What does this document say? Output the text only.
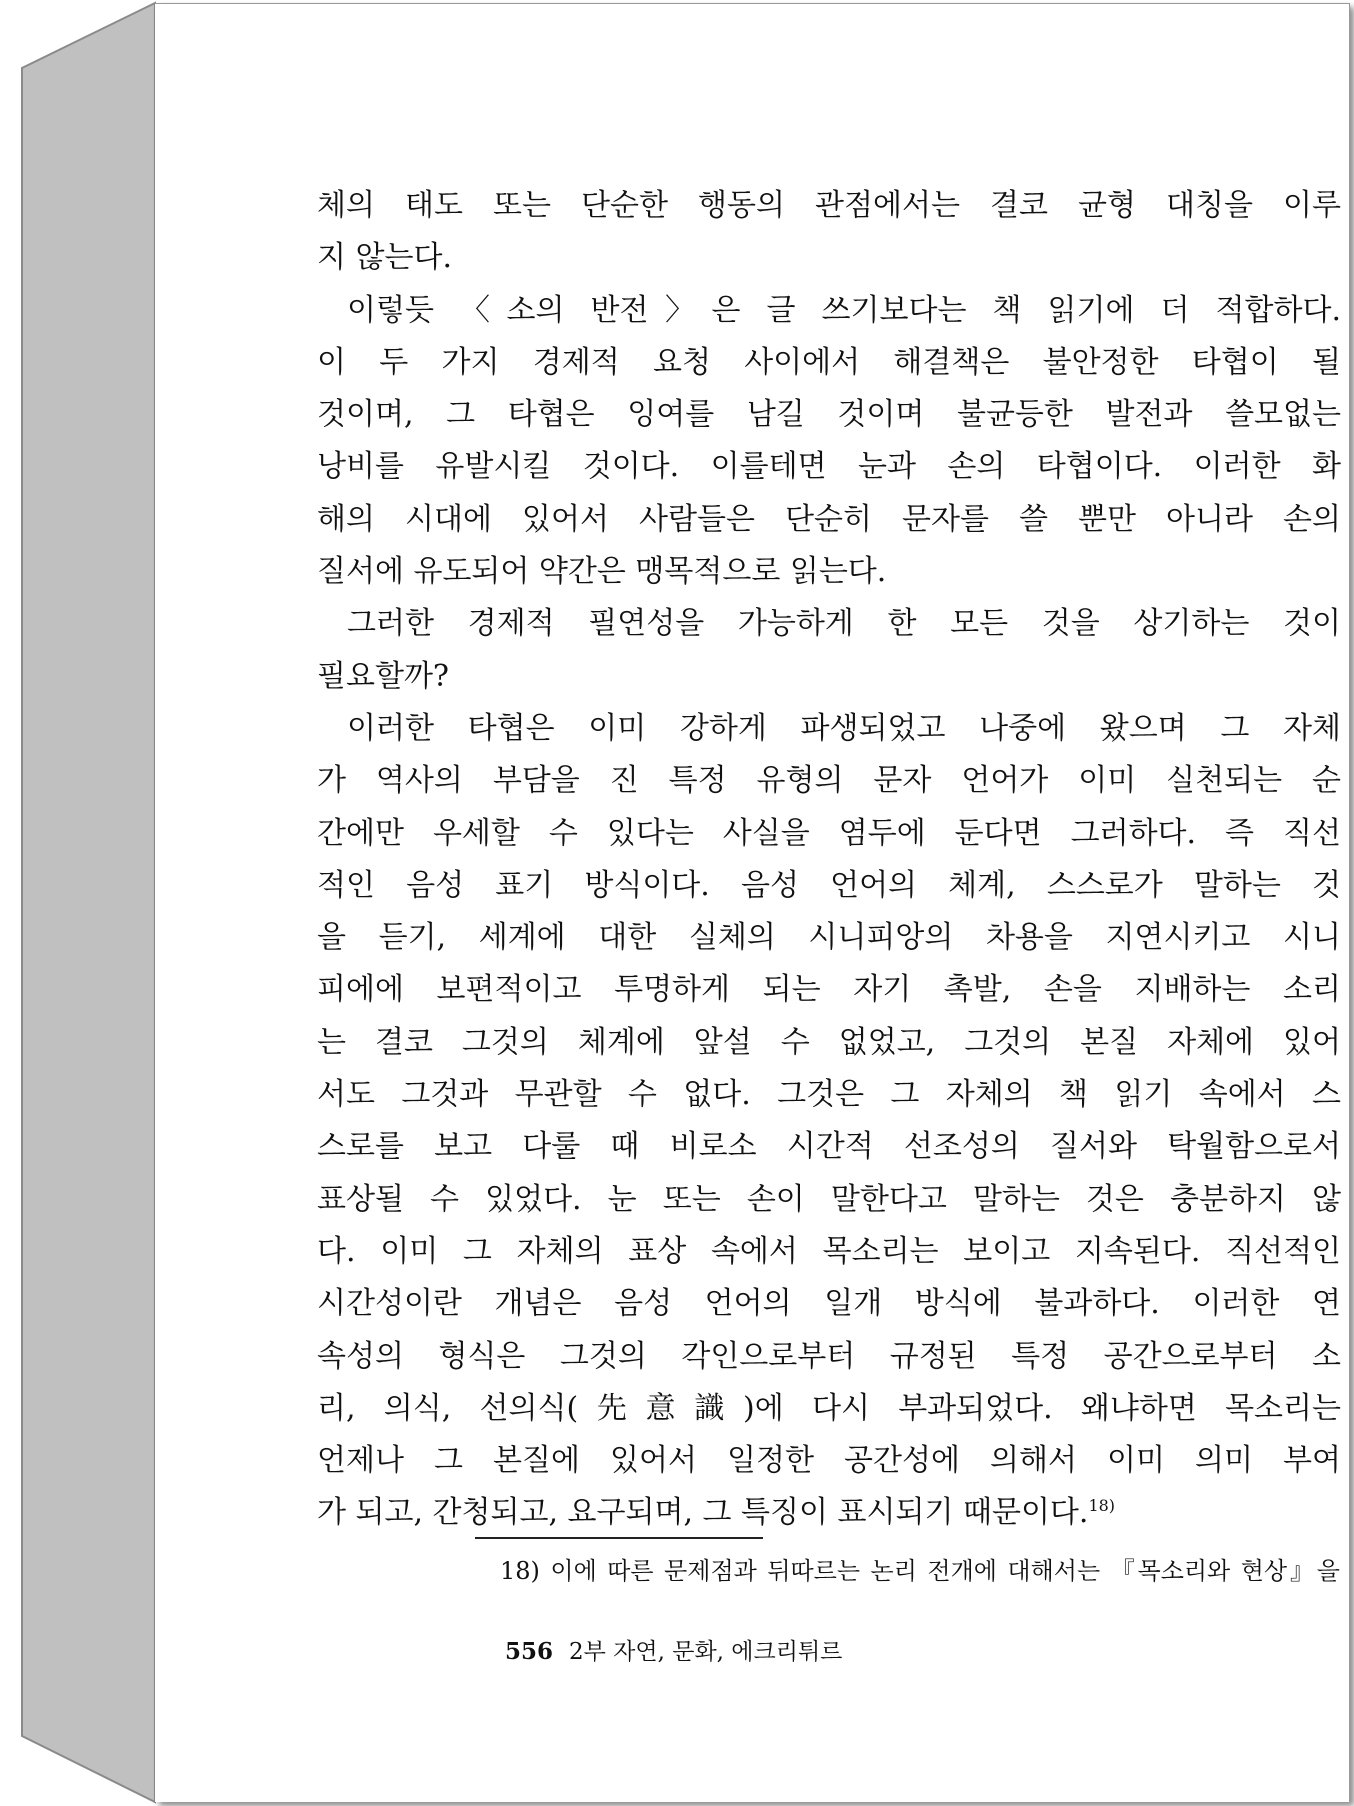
체의 태도 또는 단순한 행동의 관점에서는 결코 균형 대칭을 이루
지 않는다.
이렇듯 〈소의 반전〉은 글 쓰기보다는 책 읽기에 더 적합하다.
이 두 가지 경제적 요청 사이에서 해결책은 불안정한 타협이 될
것이며, 그 타협은 잉여를 남길 것이며 불균등한 발전과 쓸모없는
낭비를 유발시킬 것이다. 이를테면 눈과 손의 타협이다. 이러한 화
해의 시대에 있어서 사람들은 단순히 문자를 쓸 뿐만 아니라 손의
질서에 유도되어 약간은 맹목적으로 읽는다.
그러한 경제적 필연성을 가능하게 한 모든 것을 상기하는 것이
필요할까?
이러한 타협은 이미 강하게 파생되었고 나중에 왔으며 그 자체
가 역사의 부담을 진 특정 유형의 문자 언어가 이미 실천되는 순
간에만 우세할 수 있다는 사실을 염두에 둔다면 그러하다. 즉 직선
적인 음성 표기 방식이다. 음성 언어의 체계, 스스로가 말하는 것
을 듣기, 세계에 대한 실체의 시니피앙의 차용을 지연시키고 시니
피에에 보편적이고 투명하게 되는 자기 촉발, 손을 지배하는 소리
는 결코 그것의 체계에 앞설 수 없었고, 그것의 본질 자체에 있어
서도 그것과 무관할 수 없다. 그것은 그 자체의 책 읽기 속에서 스
스로를 보고 다룰 때 비로소 시간적 선조성의 질서와 탁월함으로서
표상될 수 있었다. 눈 또는 손이 말한다고 말하는 것은 충분하지 않
다. 이미 그 자체의 표상 속에서 목소리는 보이고 지속된다. 직선적인
시간성이란 개념은 음성 언어의 일개 방식에 불과하다. 이러한 연
속성의 형식은 그것의 각인으로부터 규정된 특정 공간으로부터 소
리, 의식, 선의식(先意識)에 다시 부과되었다. 왜냐하면 목소리는
언제나 그 본질에 있어서 일정한 공간성에 의해서 이미 의미 부여
가 되고, 간청되고, 요구되며, 그 특징이 표시되기 때문이다.$^{18)}$
18) 이에 따른 문제점과 뒤따르는 논리 전개에 대해서는 『목소리와 현상』을
556 2부 자연, 문화, 에크리튀르
